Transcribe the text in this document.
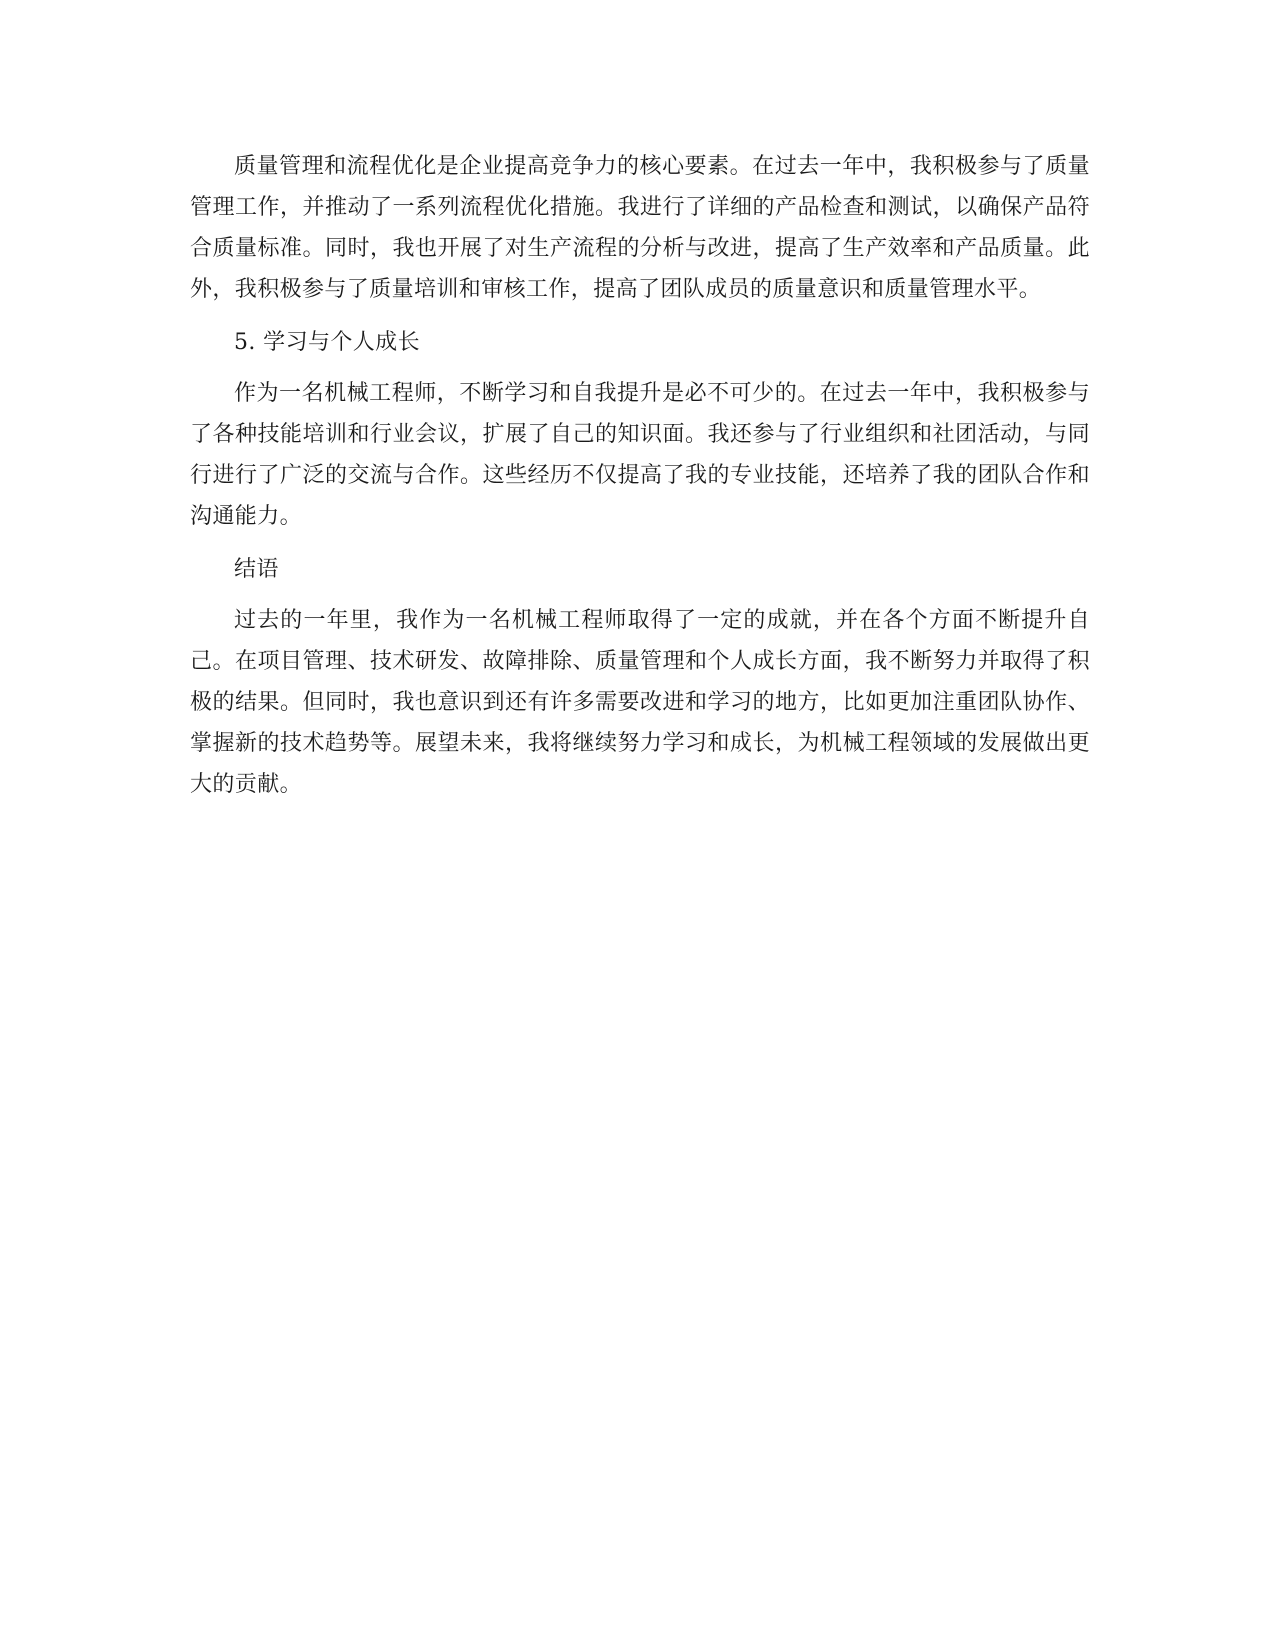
质量管理和流程优化是企业提高竞争力的核心要素。在过去一年中，我积极参与了质量管理工作，并推动了一系列流程优化措施。我进行了详细的产品检查和测试，以确保产品符合质量标准。同时，我也开展了对生产流程的分析与改进，提高了生产效率和产品质量。此外，我积极参与了质量培训和审核工作，提高了团队成员的质量意识和质量管理水平。

5. 学习与个人成长

作为一名机械工程师，不断学习和自我提升是必不可少的。在过去一年中，我积极参与了各种技能培训和行业会议，扩展了自己的知识面。我还参与了行业组织和社团活动，与同行进行了广泛的交流与合作。这些经历不仅提高了我的专业技能，还培养了我的团队合作和沟通能力。

结语

过去的一年里，我作为一名机械工程师取得了一定的成就，并在各个方面不断提升自己。在项目管理、技术研发、故障排除、质量管理和个人成长方面，我不断努力并取得了积极的结果。但同时，我也意识到还有许多需要改进和学习的地方，比如更加注重团队协作、掌握新的技术趋势等。展望未来，我将继续努力学习和成长，为机械工程领域的发展做出更大的贡献。
